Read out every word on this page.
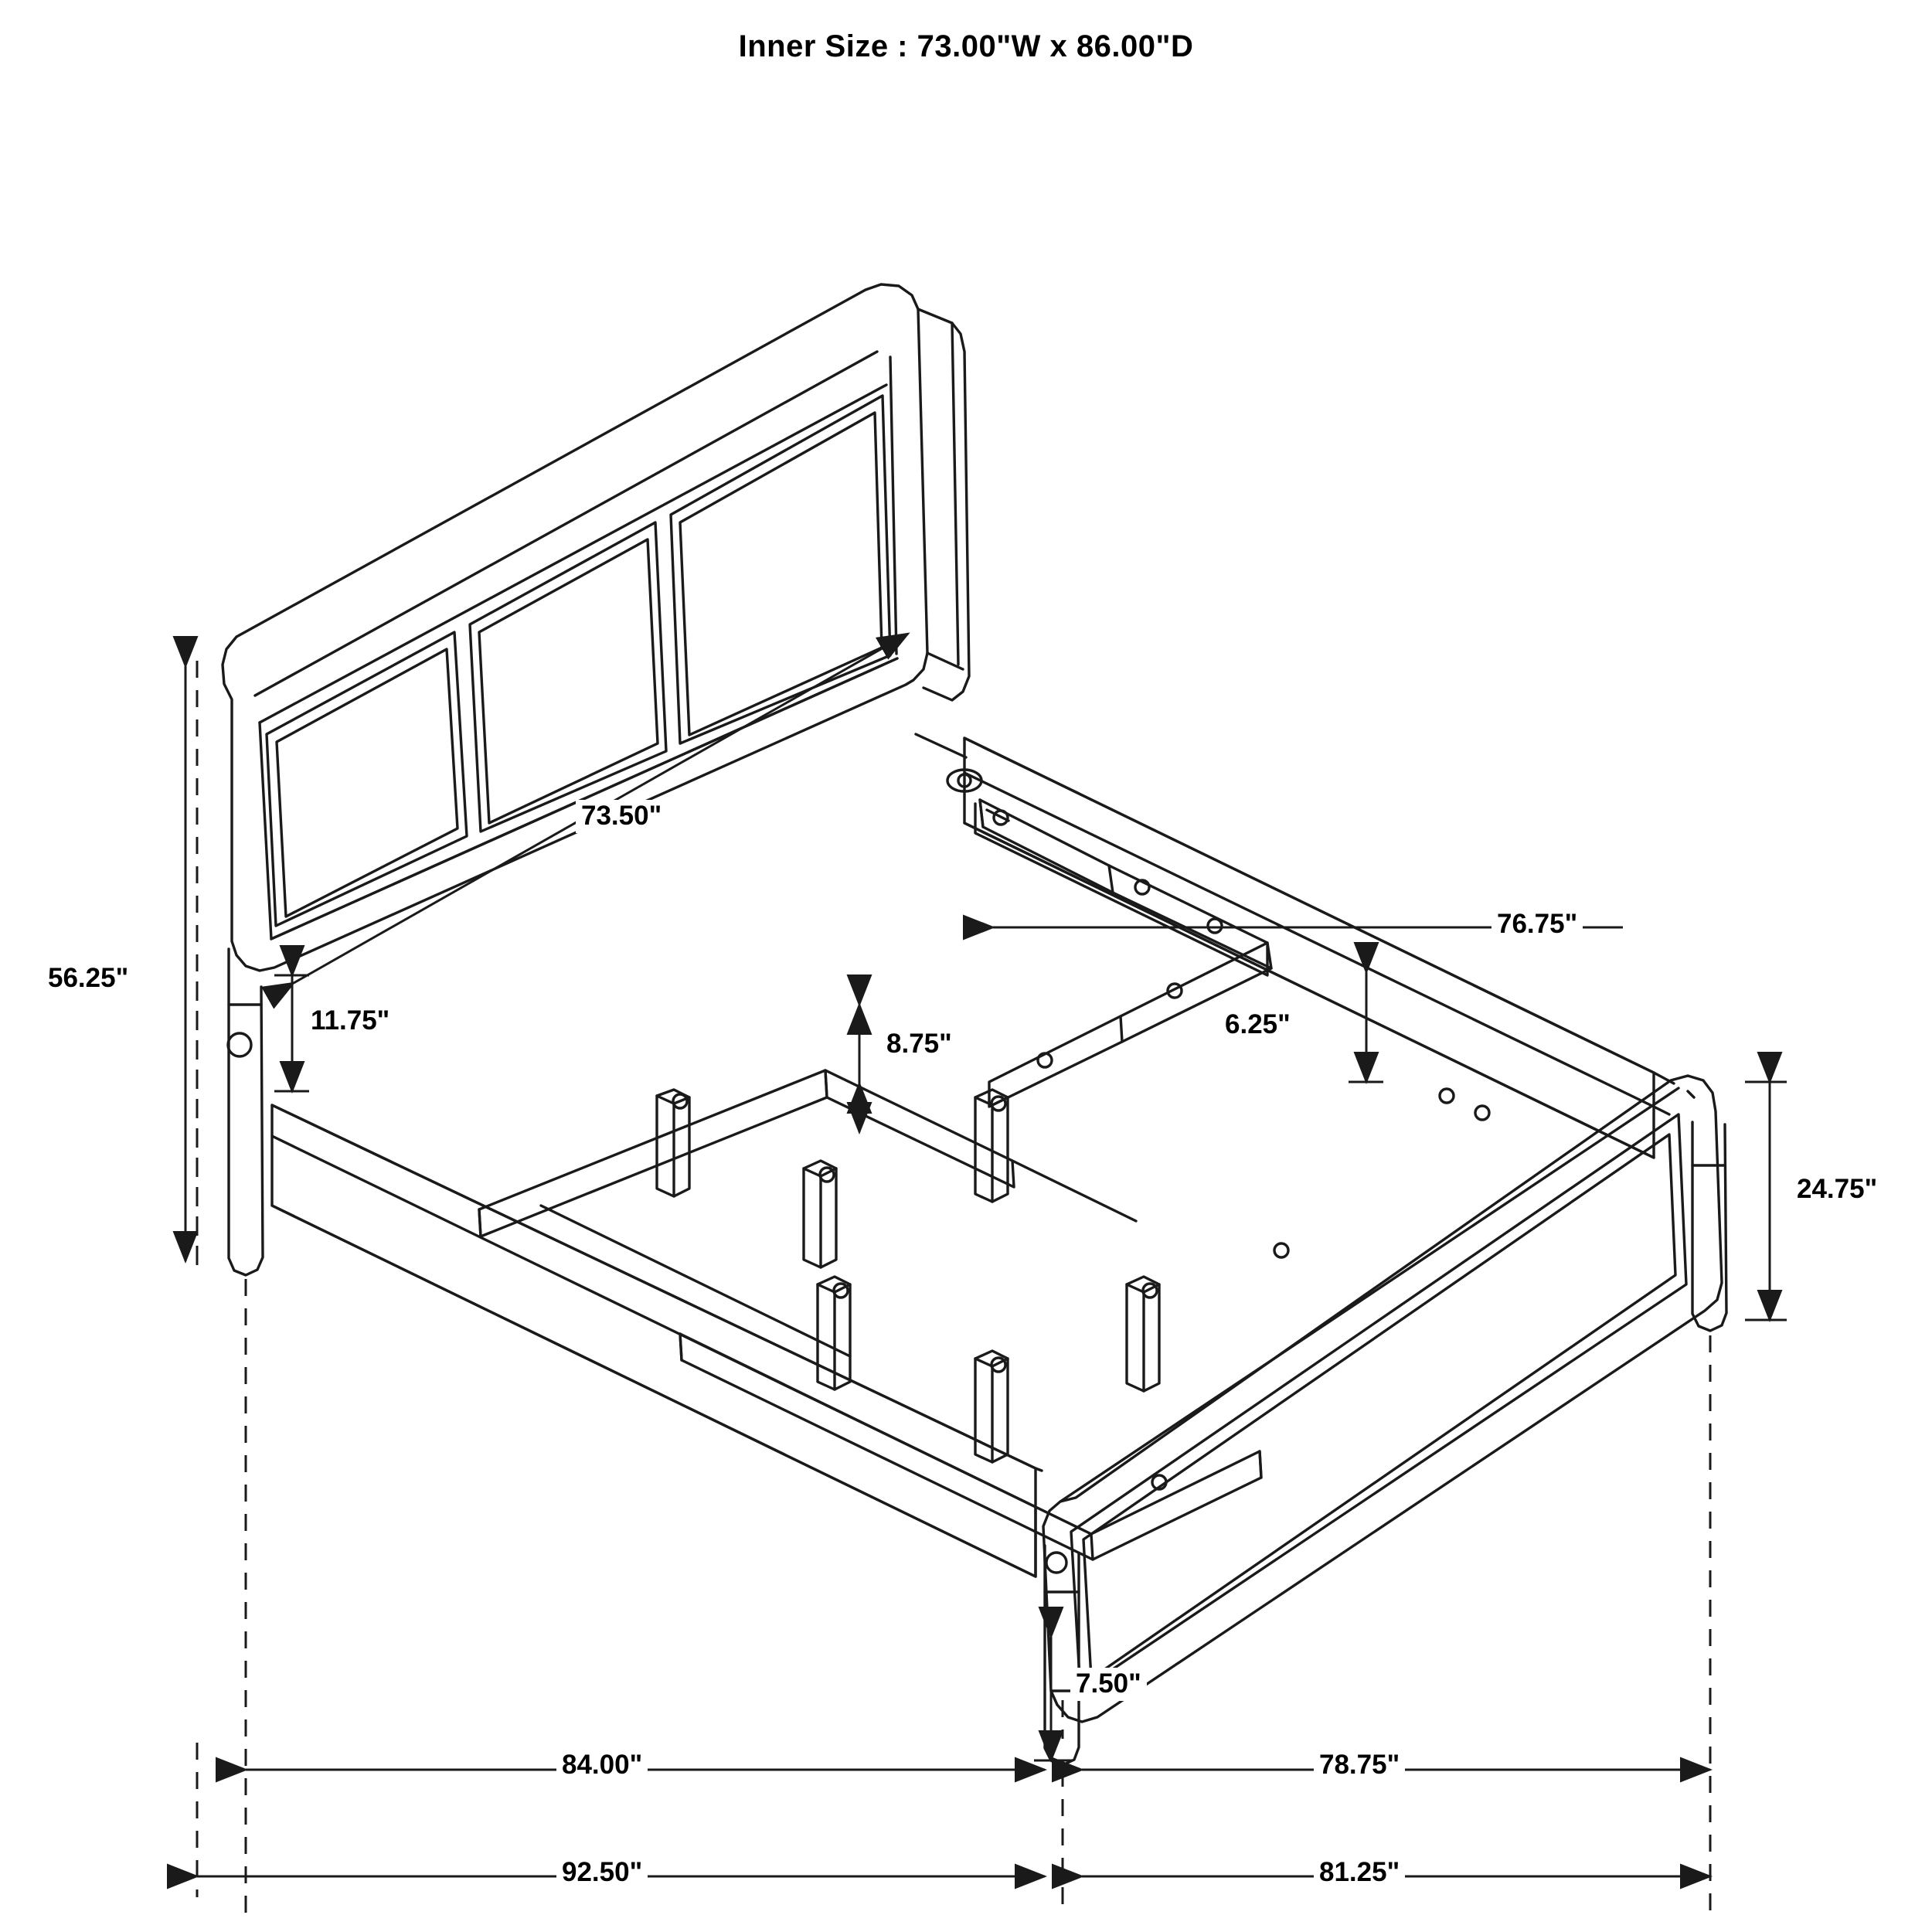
Inner Size : 73.00"W x 86.00"D
56.25"
73.50"
76.75"
11.75"
8.75"
6.25"
24.75"
7.50"
84.00"	78.75"
92.50"	81.25"
